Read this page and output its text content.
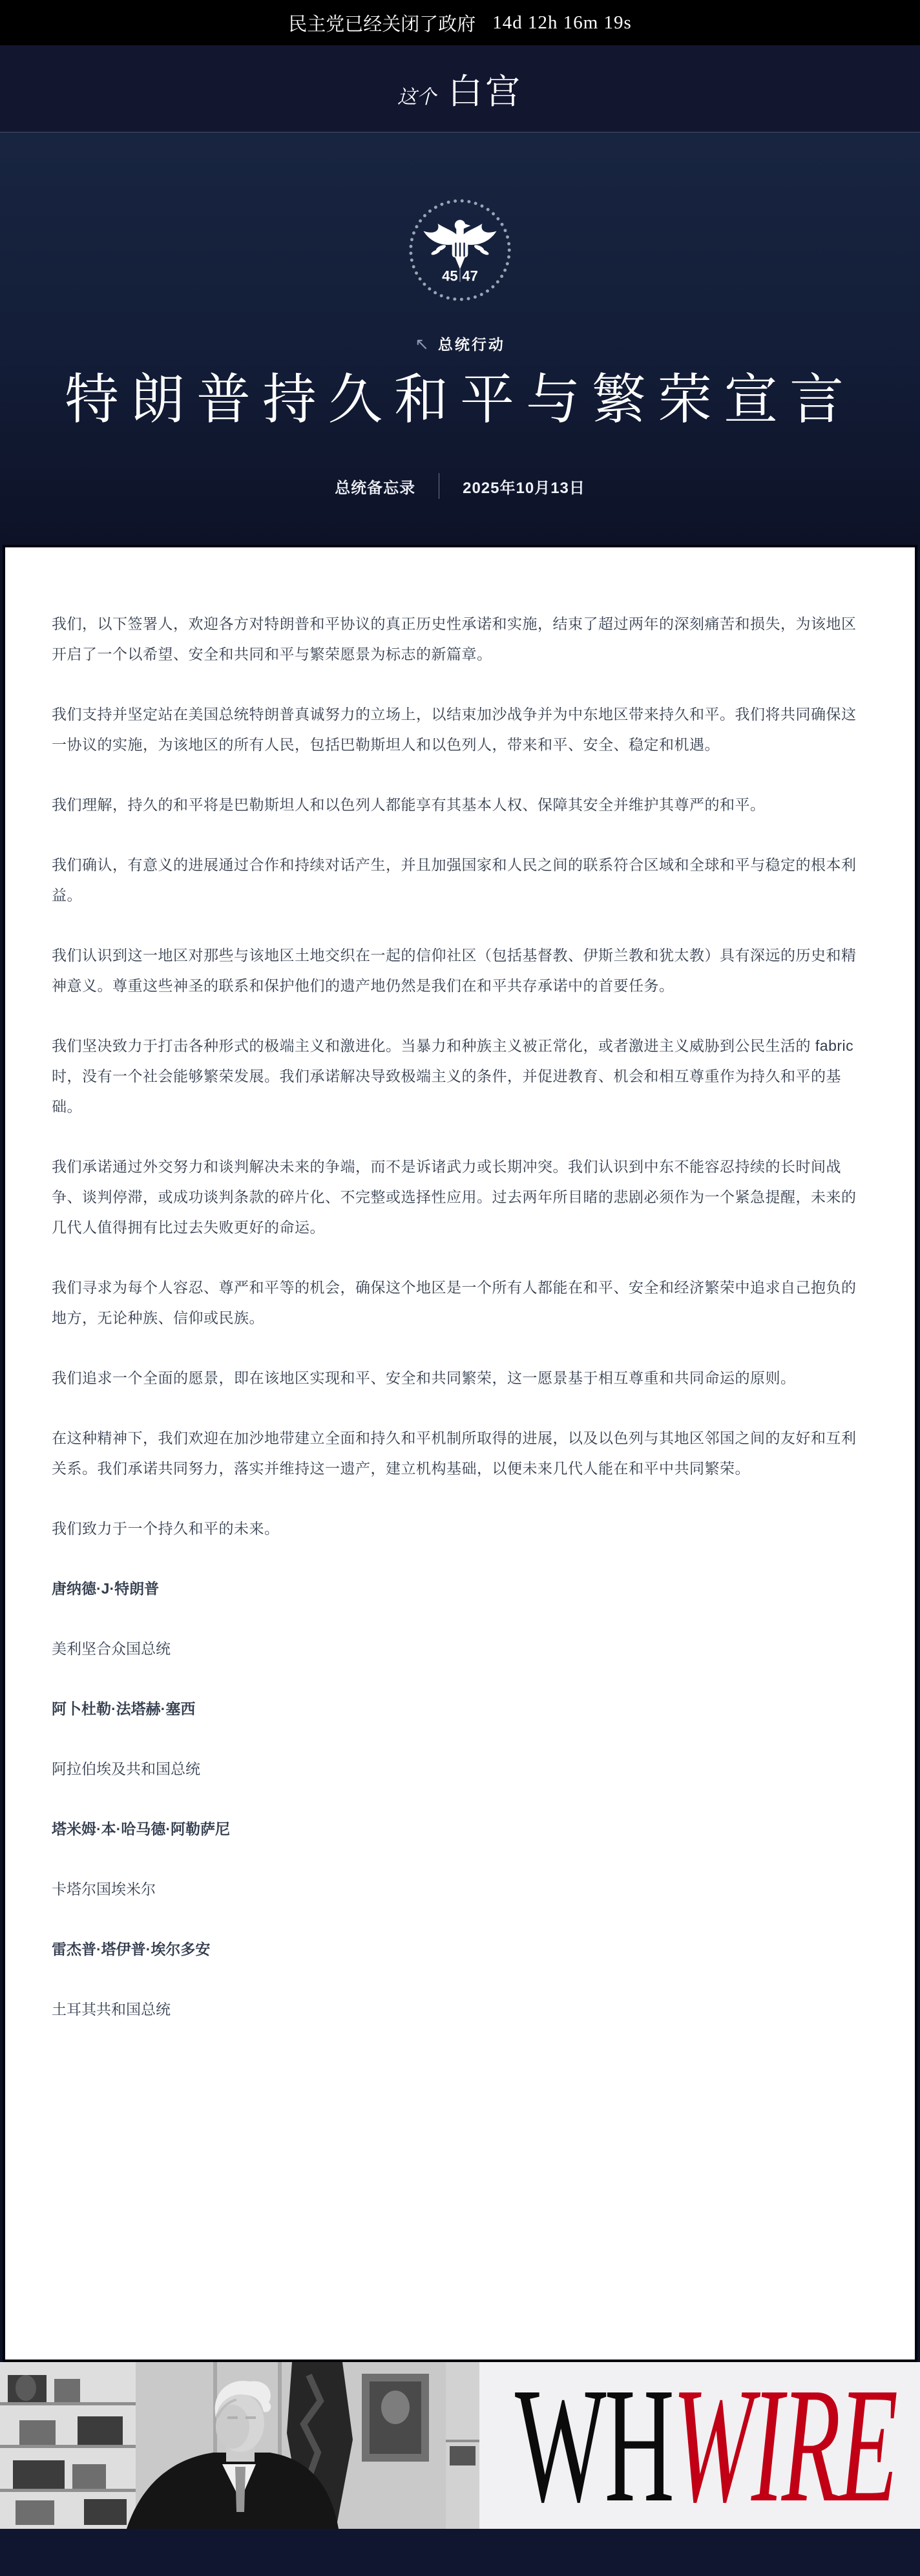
民主党已经关闭了政府 14d 12h 16m 19s
这个 白宫
45 47
↖ 总统行动
特朗普持久和平与繁荣宣言
总统备忘录	2025年10月13日

我们，以下签署人，欢迎各方对特朗普和平协议的真正历史性承诺和实施，结束了超过两年的深刻痛苦和损失，为该地区开启了一个以希望、安全和共同和平与繁荣愿景为标志的新篇章。

我们支持并坚定站在美国总统特朗普真诚努力的立场上，以结束加沙战争并为中东地区带来持久和平。我们将共同确保这一协议的实施，为该地区的所有人民，包括巴勒斯坦人和以色列人，带来和平、安全、稳定和机遇。

我们理解，持久的和平将是巴勒斯坦人和以色列人都能享有其基本人权、保障其安全并维护其尊严的和平。

我们确认，有意义的进展通过合作和持续对话产生，并且加强国家和人民之间的联系符合区域和全球和平与稳定的根本利益。

我们认识到这一地区对那些与该地区土地交织在一起的信仰社区（包括基督教、伊斯兰教和犹太教）具有深远的历史和精神意义。尊重这些神圣的联系和保护他们的遗产地仍然是我们在和平共存承诺中的首要任务。

我们坚决致力于打击各种形式的极端主义和激进化。当暴力和种族主义被正常化，或者激进主义威胁到公民生活的 fabric 时，没有一个社会能够繁荣发展。我们承诺解决导致极端主义的条件，并促进教育、机会和相互尊重作为持久和平的基础。

我们承诺通过外交努力和谈判解决未来的争端，而不是诉诸武力或长期冲突。我们认识到中东不能容忍持续的长时间战争、谈判停滞，或成功谈判条款的碎片化、不完整或选择性应用。过去两年所目睹的悲剧必须作为一个紧急提醒，未来的几代人值得拥有比过去失败更好的命运。

我们寻求为每个人容忍、尊严和平等的机会，确保这个地区是一个所有人都能在和平、安全和经济繁荣中追求自己抱负的地方，无论种族、信仰或民族。

我们追求一个全面的愿景，即在该地区实现和平、安全和共同繁荣，这一愿景基于相互尊重和共同命运的原则。

在这种精神下，我们欢迎在加沙地带建立全面和持久和平机制所取得的进展，以及以色列与其地区邻国之间的友好和互利关系。我们承诺共同努力，落实并维持这一遗产，建立机构基础，以便未来几代人能在和平中共同繁荣。

我们致力于一个持久和平的未来。

唐纳德·J·特朗普

美利坚合众国总统

阿卜杜勒·法塔赫·塞西

阿拉伯埃及共和国总统

塔米姆·本·哈马德·阿勒萨尼

卡塔尔国埃米尔

雷杰普·塔伊普·埃尔多安

土耳其共和国总统

WHWIRE
